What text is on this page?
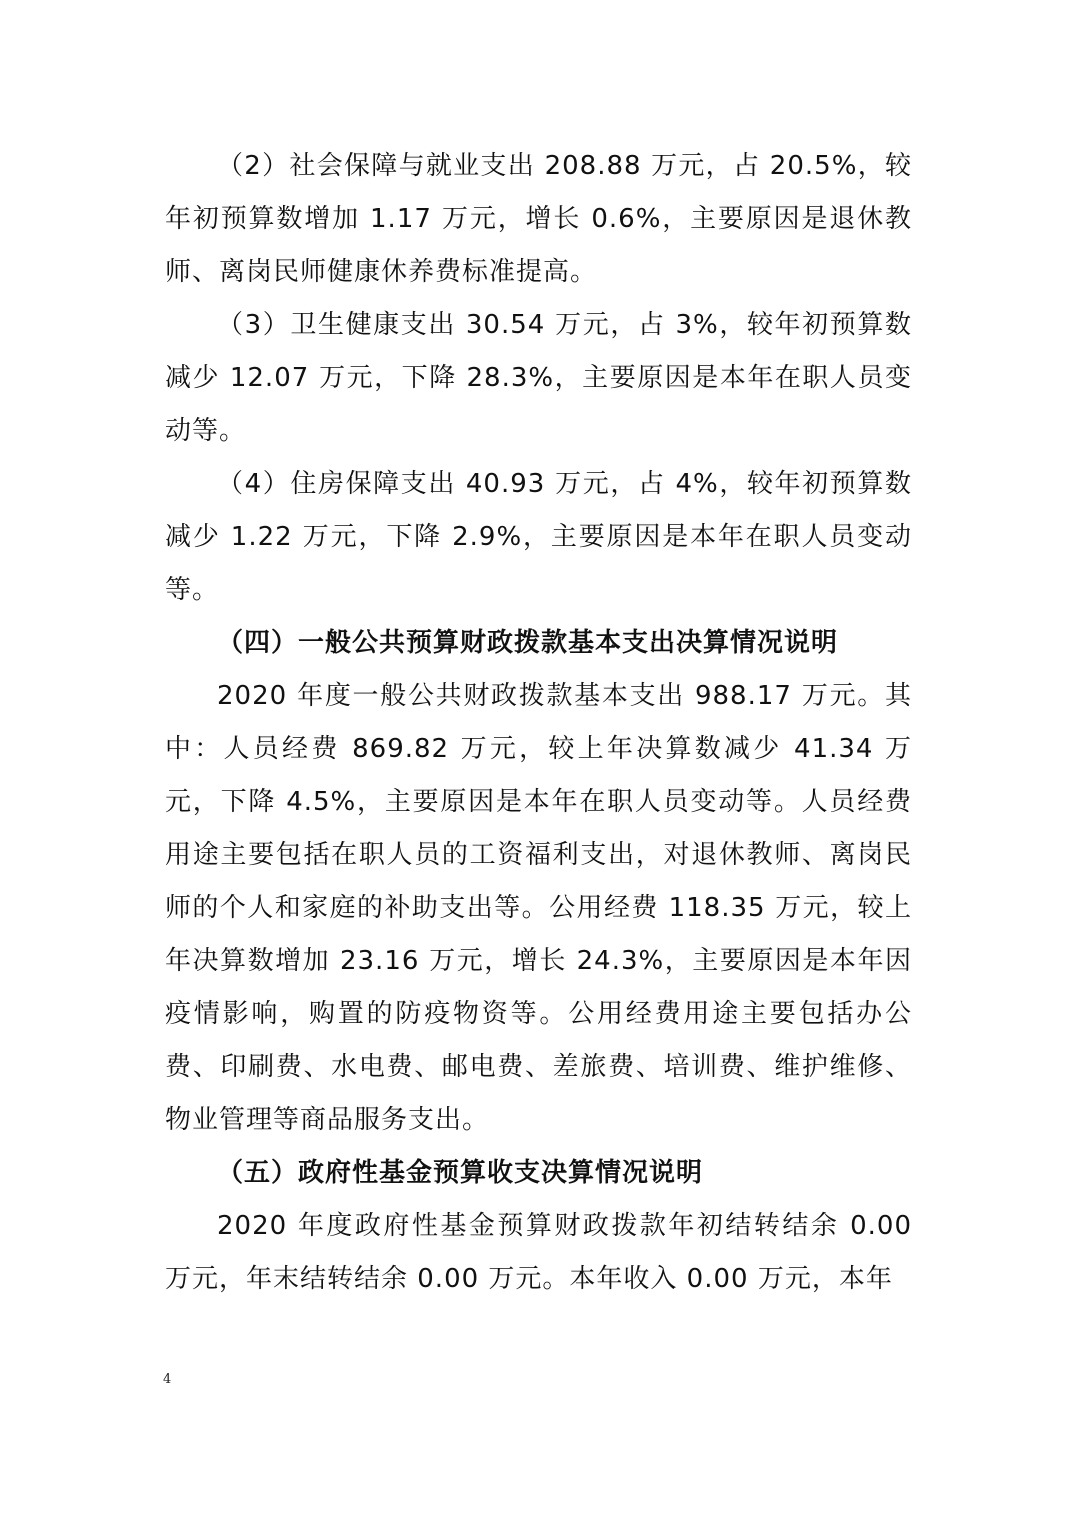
（2）社会保障与就业支出 208.88 万元，占 20.5%，较年初预算数增加 1.17 万元，增长 0.6%，主要原因是退休教师、离岗民师健康休养费标准提高。

（3）卫生健康支出 30.54 万元，占 3%，较年初预算数减少 12.07 万元，下降 28.3%，主要原因是本年在职人员变动等。

（4）住房保障支出 40.93 万元，占 4%，较年初预算数减少 1.22 万元，下降 2.9%，主要原因是本年在职人员变动等。

（四）一般公共预算财政拨款基本支出决算情况说明

2020 年度一般公共财政拨款基本支出 988.17 万元。其中：人员经费 869.82 万元，较上年决算数减少 41.34 万元，下降 4.5%，主要原因是本年在职人员变动等。人员经费用途主要包括在职人员的工资福利支出，对退休教师、离岗民师的个人和家庭的补助支出等。公用经费 118.35 万元，较上年决算数增加 23.16 万元，增长 24.3%，主要原因是本年因疫情影响，购置的防疫物资等。公用经费用途主要包括办公费、印刷费、水电费、邮电费、差旅费、培训费、维护维修、物业管理等商品服务支出。

（五）政府性基金预算收支决算情况说明

2020 年度政府性基金预算财政拨款年初结转结余 0.00 万元，年末结转结余 0.00 万元。本年收入 0.00 万元，本年

4
